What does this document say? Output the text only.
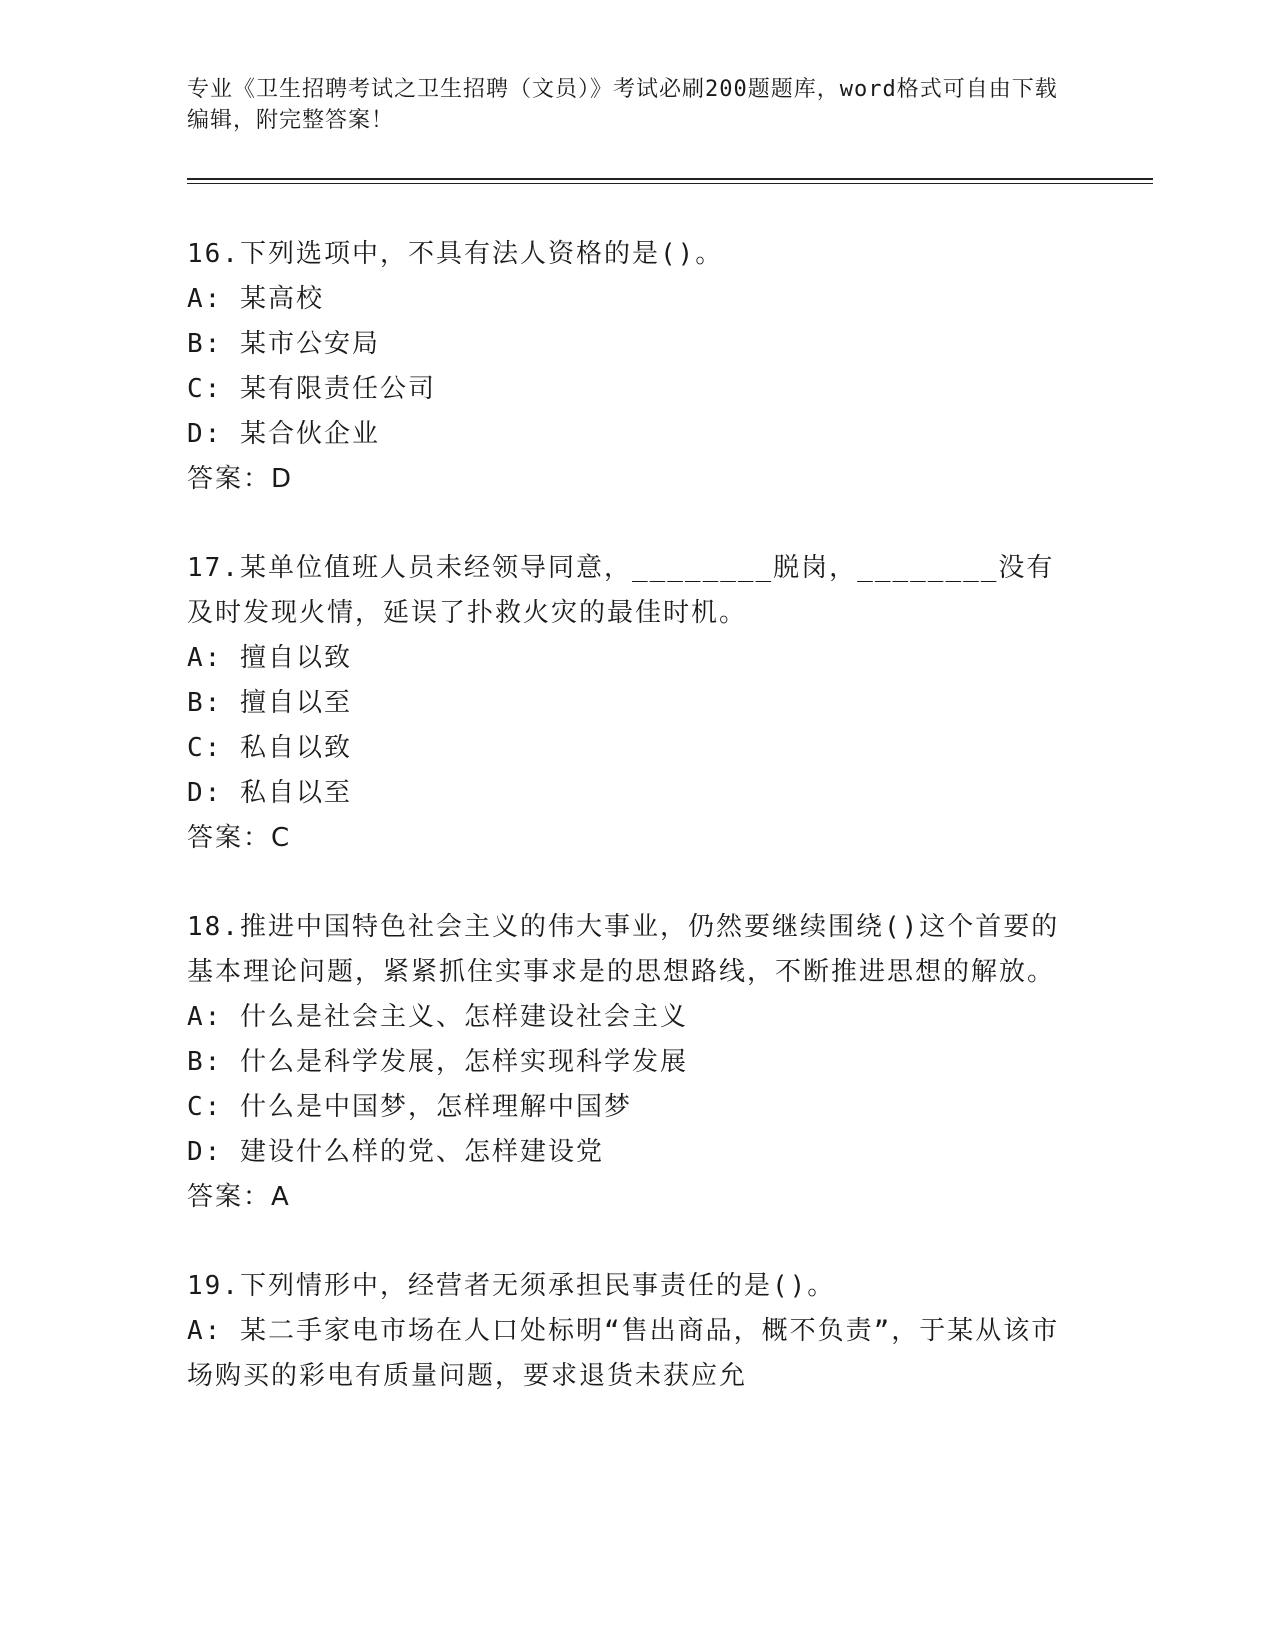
专业《卫生招聘考试之卫生招聘（文员）》考试必刷200题题库，word格式可自由下载编辑，附完整答案！

16.下列选项中，不具有法人资格的是()。

A: 某高校

B: 某市公安局

C: 某有限责任公司

D: 某合伙企业

答案：D

17.某单位值班人员未经领导同意，________脱岗，________没有及时发现火情，延误了扑救火灾的最佳时机。

A: 擅自以致

B: 擅自以至

C: 私自以致

D: 私自以至

答案：C

18.推进中国特色社会主义的伟大事业，仍然要继续围绕()这个首要的基本理论问题，紧紧抓住实事求是的思想路线，不断推进思想的解放。

A: 什么是社会主义、怎样建设社会主义

B: 什么是科学发展，怎样实现科学发展

C: 什么是中国梦，怎样理解中国梦

D: 建设什么样的党、怎样建设党

答案：A

19.下列情形中，经营者无须承担民事责任的是()。

A: 某二手家电市场在人口处标明“售出商品，概不负责”，于某从该市场购买的彩电有质量问题，要求退货未获应允
